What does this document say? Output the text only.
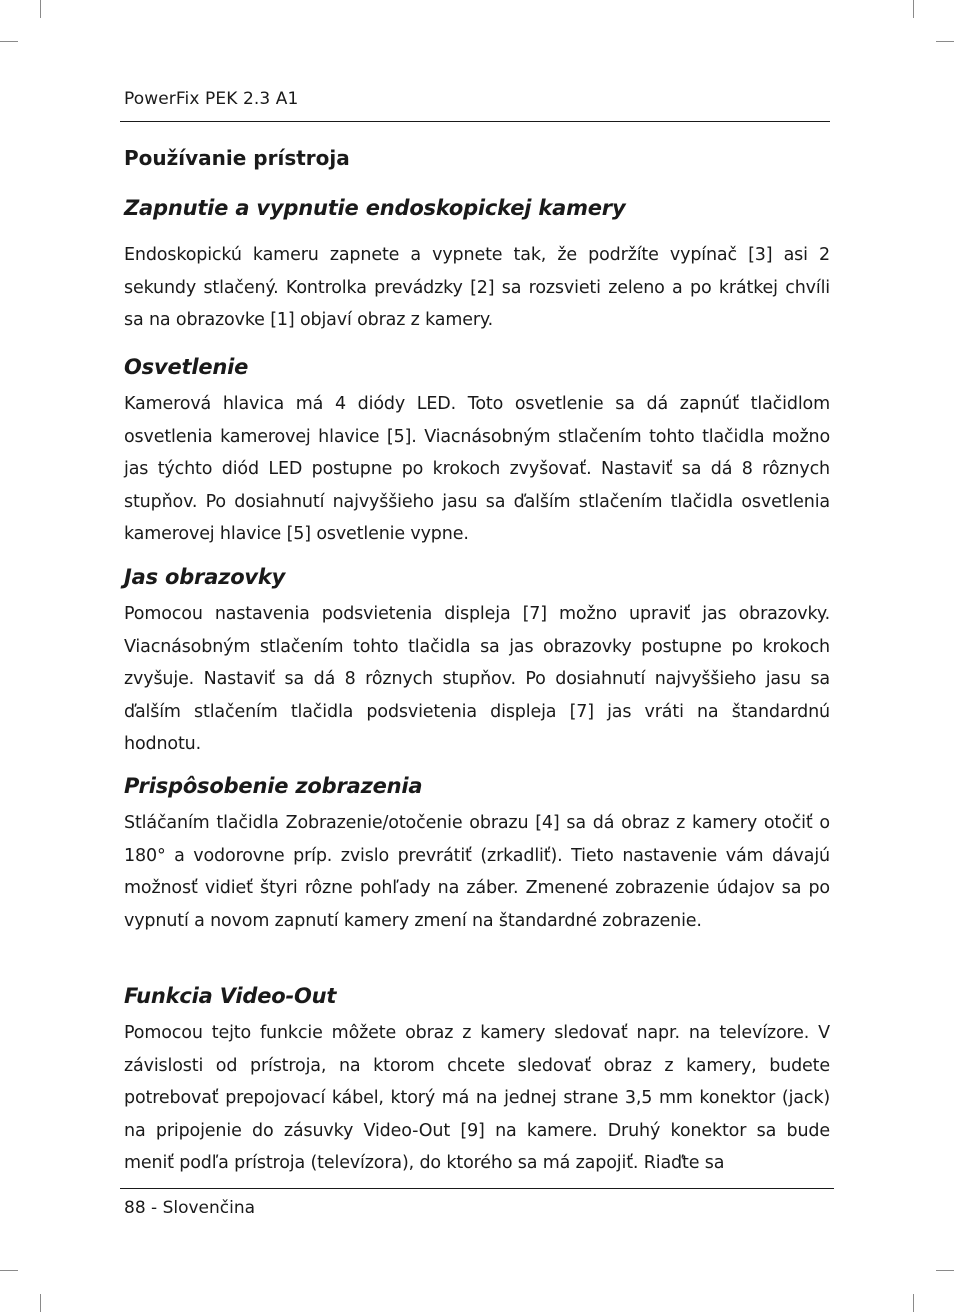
PowerFix PEK 2.3 A1
Používanie prístroja
Zapnutie a vypnutie endoskopickej kamery

Endoskopickú kameru zapnete a vypnete tak, že podržíte vypínač [3] asi 2 sekundy stlačený. Kontrolka prevádzky [2] sa rozsvieti zeleno a po krátkej chvíli sa na obrazovke [1] objaví obraz z kamery.

Osvetlenie

Kamerová hlavica má 4 diódy LED. Toto osvetlenie sa dá zapnúť tlačidlom osvetlenia kamerovej hlavice [5]. Viacnásobným stlačením tohto tlačidla možno jas týchto diód LED postupne po krokoch zvyšovať. Nastaviť sa dá 8 rôznych stupňov. Po dosiahnutí najvyššieho jasu sa ďalším stlačením tlačidla osvetlenia kamerovej hlavice [5] osvetlenie vypne.

Jas obrazovky

Pomocou nastavenia podsvietenia displeja [7] možno upraviť jas obrazovky. Viacnásobným stlačením tohto tlačidla sa jas obrazovky postupne po krokoch zvyšuje. Nastaviť sa dá 8 rôznych stupňov. Po dosiahnutí najvyššieho jasu sa ďalším stlačením tlačidla podsvietenia displeja [7] jas vráti na štandardnú hodnotu.

Prispôsobenie zobrazenia

Stláčaním tlačidla Zobrazenie/otočenie obrazu [4] sa dá obraz z kamery otočiť o 180° a vodorovne príp. zvislo prevrátiť (zrkadliť). Tieto nastavenie vám dávajú možnosť vidieť štyri rôzne pohľady na záber. Zmenené zobrazenie údajov sa po vypnutí a novom zapnutí kamery zmení na štandardné zobrazenie.

Funkcia Video-Out

Pomocou tejto funkcie môžete obraz z kamery sledovať napr. na televízore. V závislosti od prístroja, na ktorom chcete sledovať obraz z kamery, budete potrebovať prepojovací kábel, ktorý má na jednej strane 3,5 mm konektor (jack) na pripojenie do zásuvky Video-Out [9] na kamere. Druhý konektor sa bude meniť podľa prístroja (televízora), do ktorého sa má zapojiť. Riaďte sa

88 - Slovenčina
